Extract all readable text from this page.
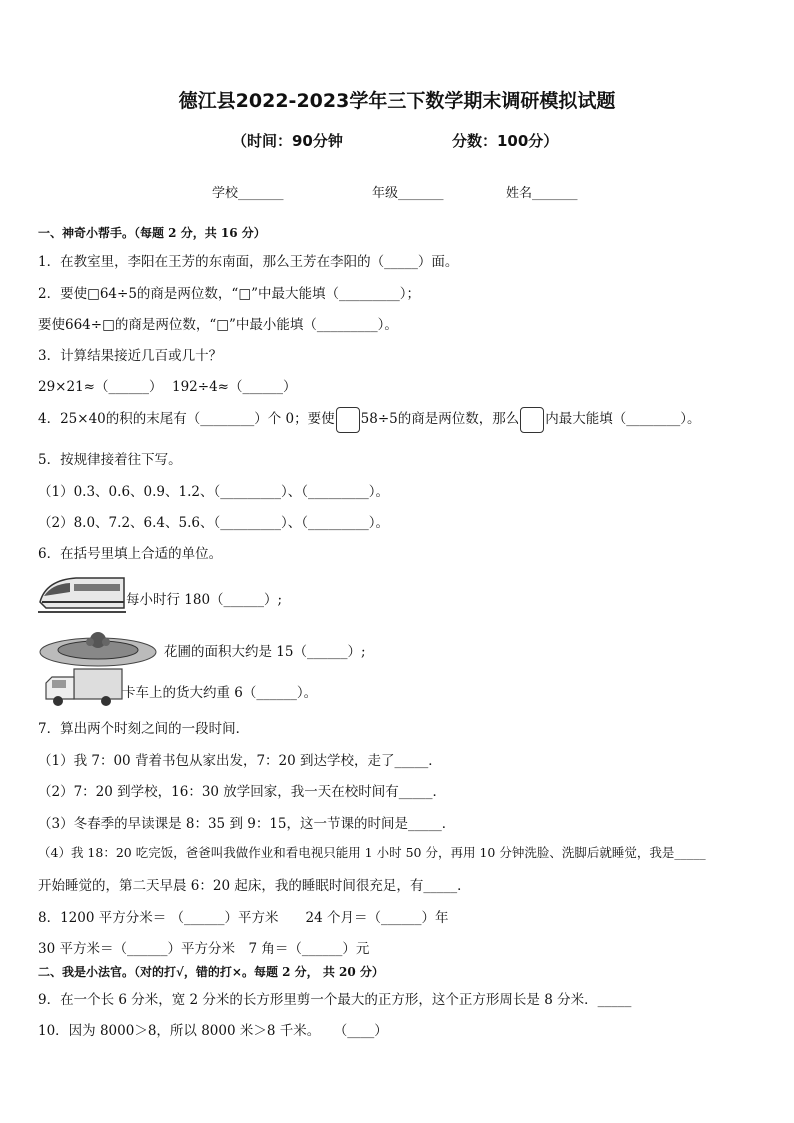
德江县2022-2023学年三下数学期末调研模拟试题
（时间：90分钟	分数：100分）
学校_______	年级_______	姓名_______
一、神奇小帮手。（每题 2 分，共 16 分）
1．在教室里，李阳在王芳的东南面，那么王芳在李阳的（_____）面。
2．要使□64÷5的商是两位数，“□”中最大能填（_________）；
要使664÷□的商是两位数，“□”中最小能填（_________）。
3．计算结果接近几百或几十？
29×21≈（______） 192÷4≈（______）
4．25×40的积的末尾有（________）个 0；要使 58÷5的商是两位数，那么 内最大能填（________）。
5．按规律接着往下写。
（1）0.3、0.6、0.9、1.2、（_________）、（_________）。
（2）8.0、7.2、6.4、5.6、（_________）、（_________）。
6．在括号里填上合适的单位。
每小时行 180（______）;
花圃的面积大约是 15（______）;
卡车上的货大约重 6（______）。
7．算出两个时刻之间的一段时间．
（1）我 7：00 背着书包从家出发，7：20 到达学校，走了_____．
（2）7：20 到学校，16：30 放学回家，我一天在校时间有_____．
（3）冬春季的早读课是 8：35 到 9：15，这一节课的时间是_____．
（4）我 18：20 吃完饭，爸爸叫我做作业和看电视只能用 1 小时 50 分，再用 10 分钟洗脸、洗脚后就睡觉，我是_____
开始睡觉的，第二天早晨 6：20 起床，我的睡眠时间很充足，有_____．
8．1200 平方分米＝ （______）平方米　　24 个月＝（______）年
30 平方米＝（______）平方分米　7 角＝（______）元
二、我是小法官。（对的打√，错的打×。每题 2 分， 共 20 分）
9．在一个长 6 分米，宽 2 分米的长方形里剪一个最大的正方形，这个正方形周长是 8 分米．_____
10．因为 8000＞8，所以 8000 米＞8 千米。　　（____）
